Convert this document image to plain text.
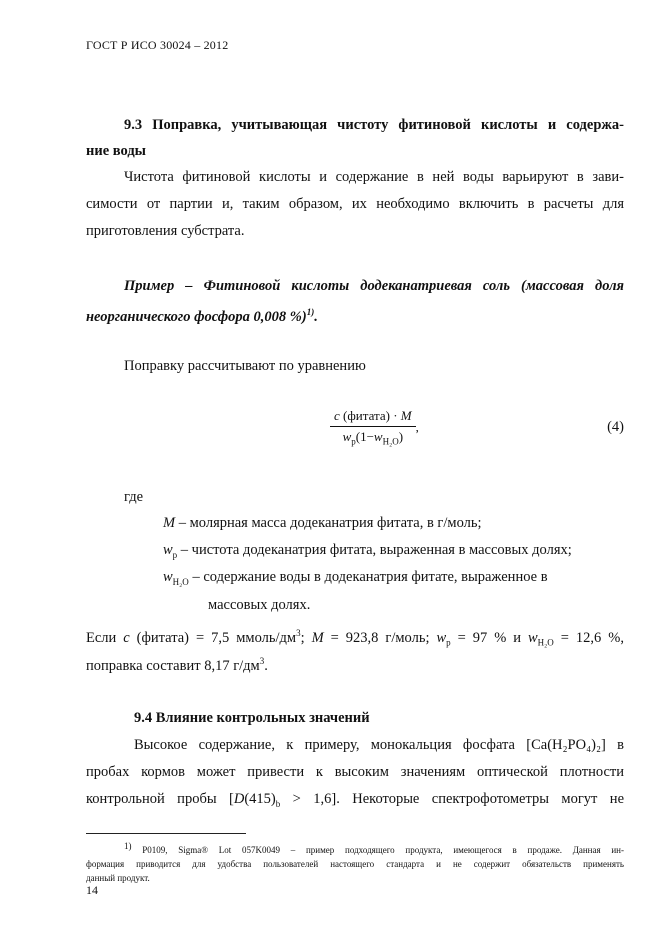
ГОСТ Р ИСО 30024 – 2012
9.3 Поправка, учитывающая чистоту фитиновой кислоты и содержа-
ние воды
Чистота фитиновой кислоты и содержание в ней воды варьируют в зави-
симости от партии и, таким образом, их необходимо включить в расчеты для
приготовления субстрата.
Пример – Фитиновой кислоты додеканатриевая соль (массовая доля
неорганического фосфора 0,008 %)$^{1)}$.
Поправку рассчитывают по уравнению
$\frac{\text{c (фитата) · M}}{w_p(1-w_{H_2O})}$ ,	(4)
где
M – молярная масса додеканатрия фитата, в г/моль;
$w_p$ – чистота додеканатрия фитата, выраженная в массовых долях;
$w_{H_2O}$ – содержание воды в додеканатрия фитате, выраженное в
массовых долях.
Если c (фитата) = 7,5 ммоль/$дм^3$; M = 923,8 г/моль; $w_p = 97$ % и $w_{H_2O} = 12,6$ %,
поправка составит 8,17 $г/дм^3$.
9.4 Влияние контрольных значений
Высокое содержание, к примеру, монокальция фосфата [Ca(H₂PO₄)₂] в
пробах кормов может привести к высоким значениям оптической плотности
контрольной пробы $[D(415)_b > 1,6]$. Некоторые спектрофотометры могут не
$^{1)}$ P0109, Sigma® Lot 057K0049 – пример подходящего продукта, имеющегося в продаже. Данная ин-
формация приводится для удобства пользователей настоящего стандарта и не содержит обязательств применять
данный продукт.
14
